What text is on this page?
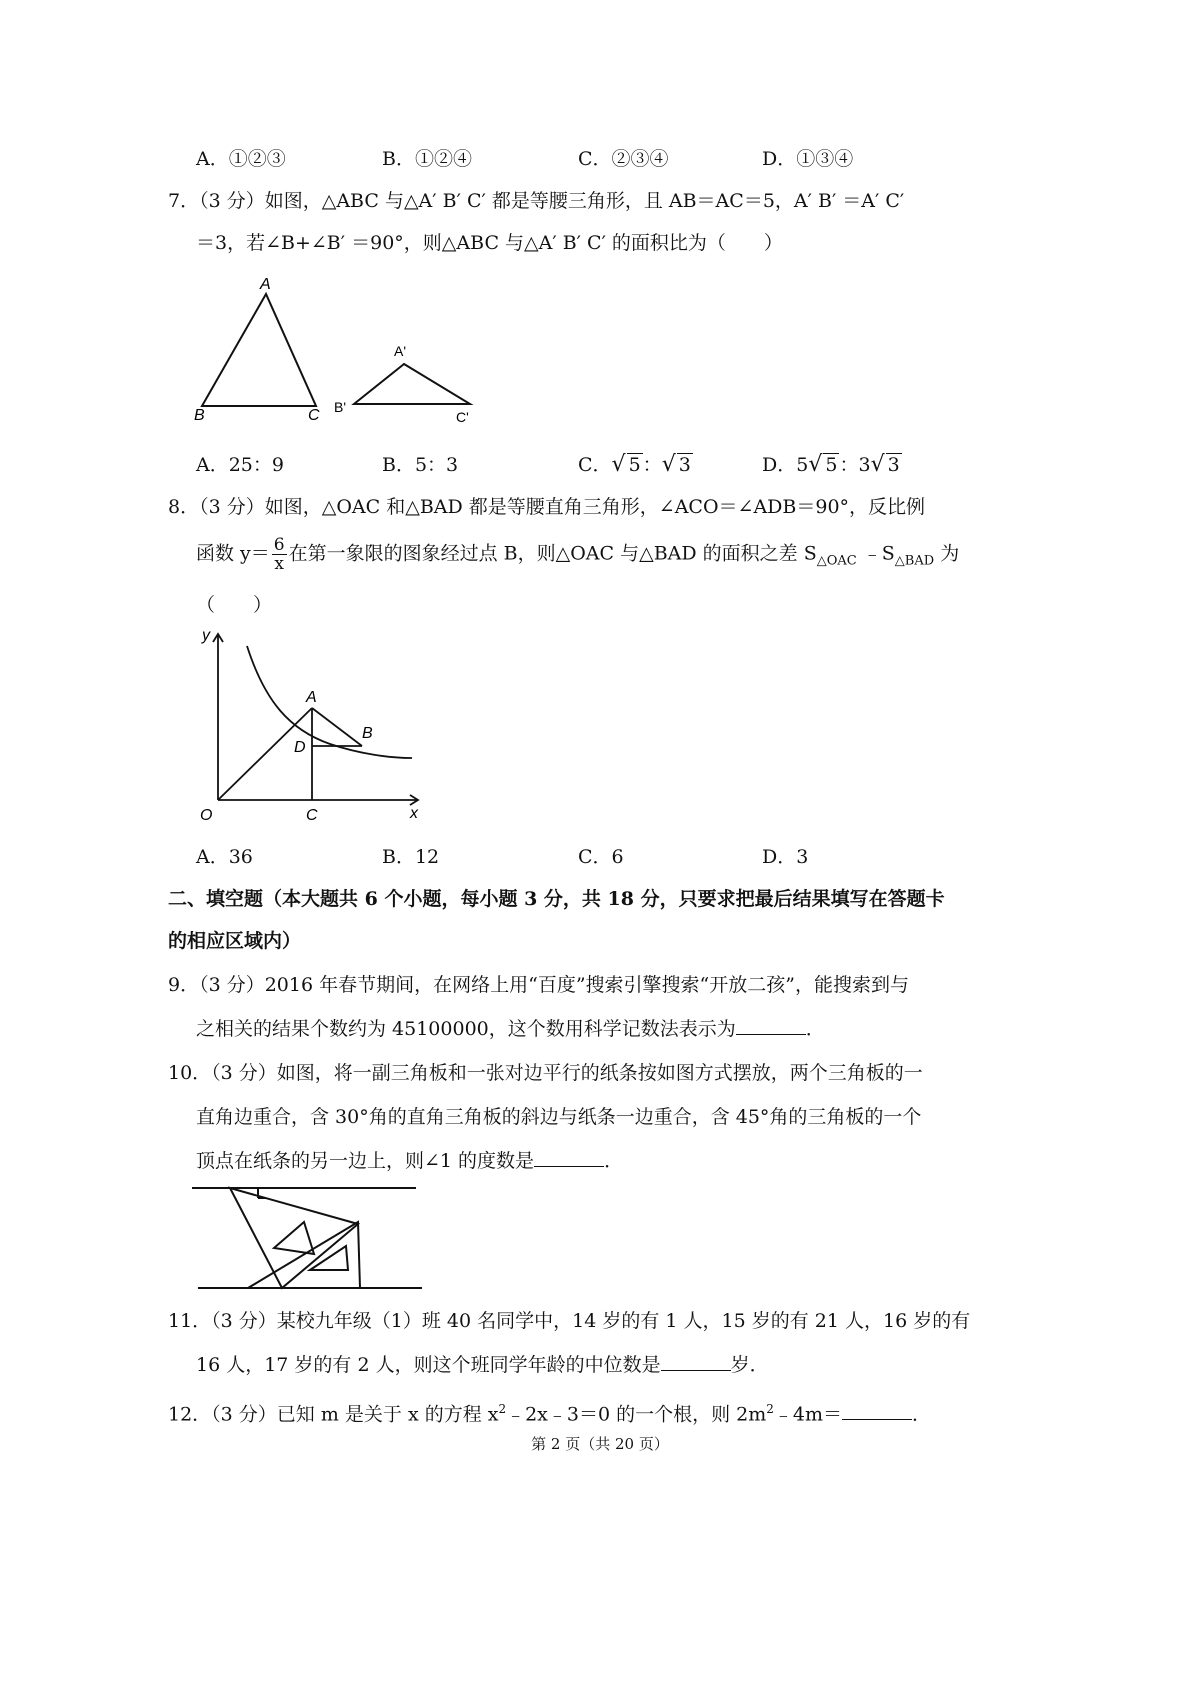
A．①②③	B．①②④	C．②③④	D．①③④
7．（3 分）如图，△ABC 与△A′ B′ C′ 都是等腰三角形，且 AB＝AC＝5，A′ B′ ＝A′ C′
＝3，若∠B+∠B′ ＝90°，则△ABC 与△A′ B′ C′ 的面积比为（　　）
A
B	C
A'
B'
C'
A．25：9	B．5：3	C．√ 5 ：√ 3	D．5√ 5 ：3√ 3
8．（3 分）如图，△OAC 和△BAD 都是等腰直角三角形，∠ACO＝∠ADB＝90°，反比例
函数 $y= \frac{6}{x}$ 在第一象限的图象经过点 B，则△OAC 与△BAD 的面积之差 $S_{\triangle OAC}$ $﹣S_{\triangle BAD}$ 为
（　　）
y
x
O	C
A
B
D
A．36	B．12	C．6	D．3
二、填空题（本大题共 6 个小题，每小题 3 分，共 18 分，只要求把最后结果填写在答题卡
的相应区域内）
9．（3 分）2016 年春节期间，在网络上用“百度”搜索引擎搜索“开放二孩”，能搜索到与
之相关的结果个数约为 45100000，这个数用科学记数法表示为	．
10．（3 分）如图，将一副三角板和一张对边平行的纸条按如图方式摆放，两个三角板的一
直角边重合，含 30°角的直角三角板的斜边与纸条一边重合，含 45°角的三角板的一个
顶点在纸条的另一边上，则∠1 的度数是	．
11．（3 分）某校九年级（1）班 40 名同学中，14 岁的有 1 人，15 岁的有 21 人，16 岁的有
16 人，17 岁的有 2 人，则这个班同学年龄的中位数是	岁．
12．（3 分）已知 m 是关于 x 的方程 $x^2﹣2x﹣3=0$ 的一个根，则 $2m^2﹣4m=$	．
第 2 页（共 20 页）
